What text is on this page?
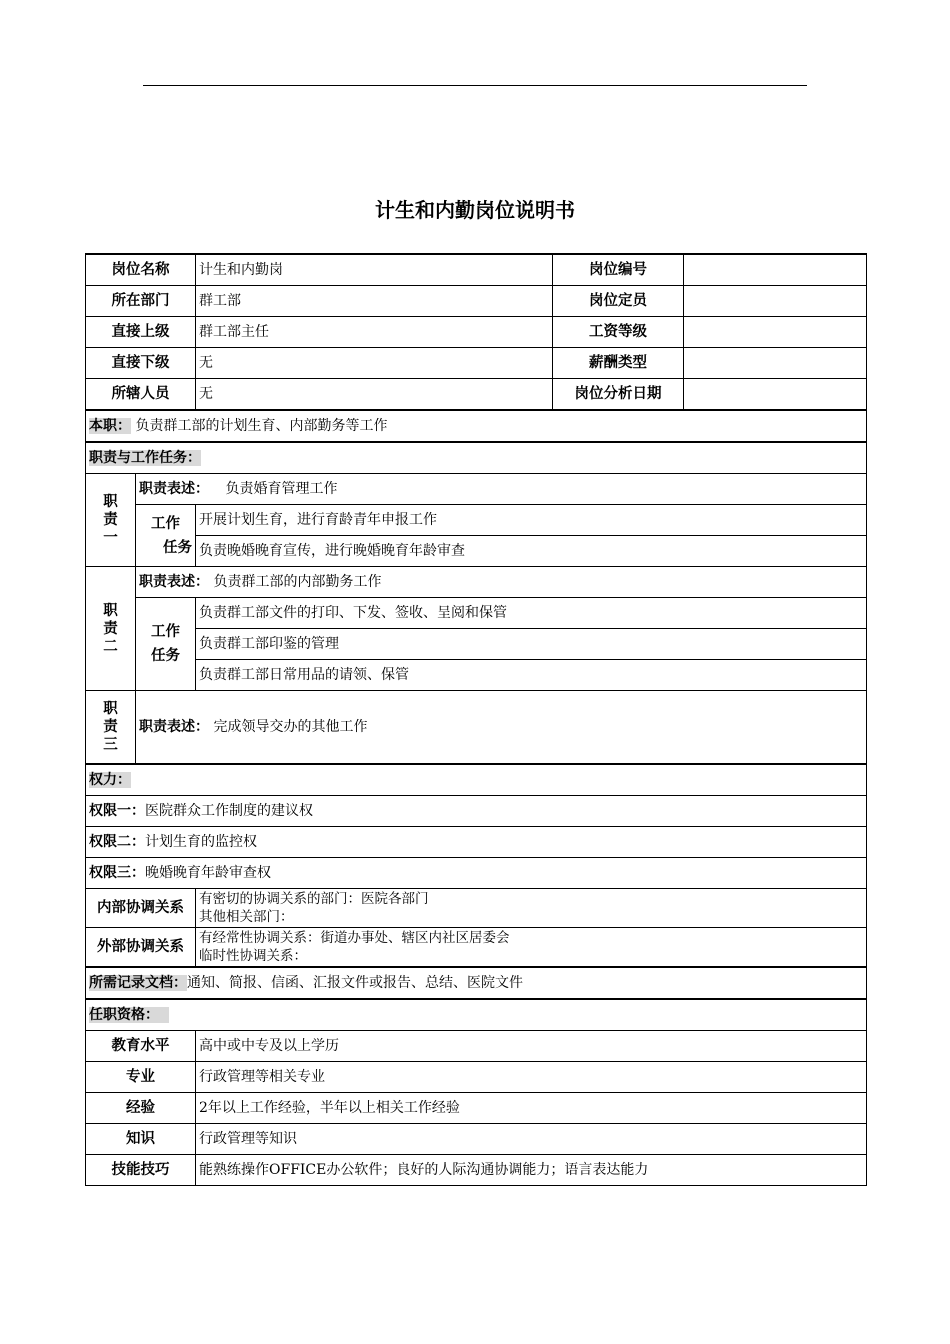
计生和内勤岗位说明书
岗位名称		计生和内勤岗	岗位编号	
所在部门		群工部	岗位定员	
直接上级		群工部主任	工资等级	
直接下级		无	薪酬类型	
所辖人员		无	岗位分析日期	
本职： 负责群工部的计划生育、内部勤务等工作				
职责与工作任务：				

职
责
一	职责表述： 负责婚育管理工作			

	工作
任务	开展计划生育，进行育龄青年申报工作		
		负责晚婚晚育宣传，进行晚婚晚育年龄审查		

职
责
二	职责表述： 负责群工部的内部勤务工作			

	工作
任务	负责群工部文件的打印、下发、签收、呈阅和保管		
		负责群工部印鉴的管理		
		负责群工部日常用品的请领、保管		

职
责
三	职责表述： 完成领导交办的其他工作			
权力：				
权限一：医院群众工作制度的建议权				
权限二：计划生育的监控权				
权限三：晚婚晚育年龄审查权				
内部协调关系		有密切的协调关系的部门：医院各部门
其他相关部门：		

外部协调关系		有经常性协调关系：街道办事处、辖区内社区居委会
临时性协调关系：		

所需记录文档：通知、简报、信函、汇报文件或报告、总结、医院文件				
任职资格：				
教育水平		高中或中专及以上学历		
专业		行政管理等相关专业		
经验		2年以上工作经验，半年以上相关工作经验		
知识		行政管理等知识		
技能技巧		能熟练操作OFFICE办公软件；良好的人际沟通协调能力；语言表达能力		
